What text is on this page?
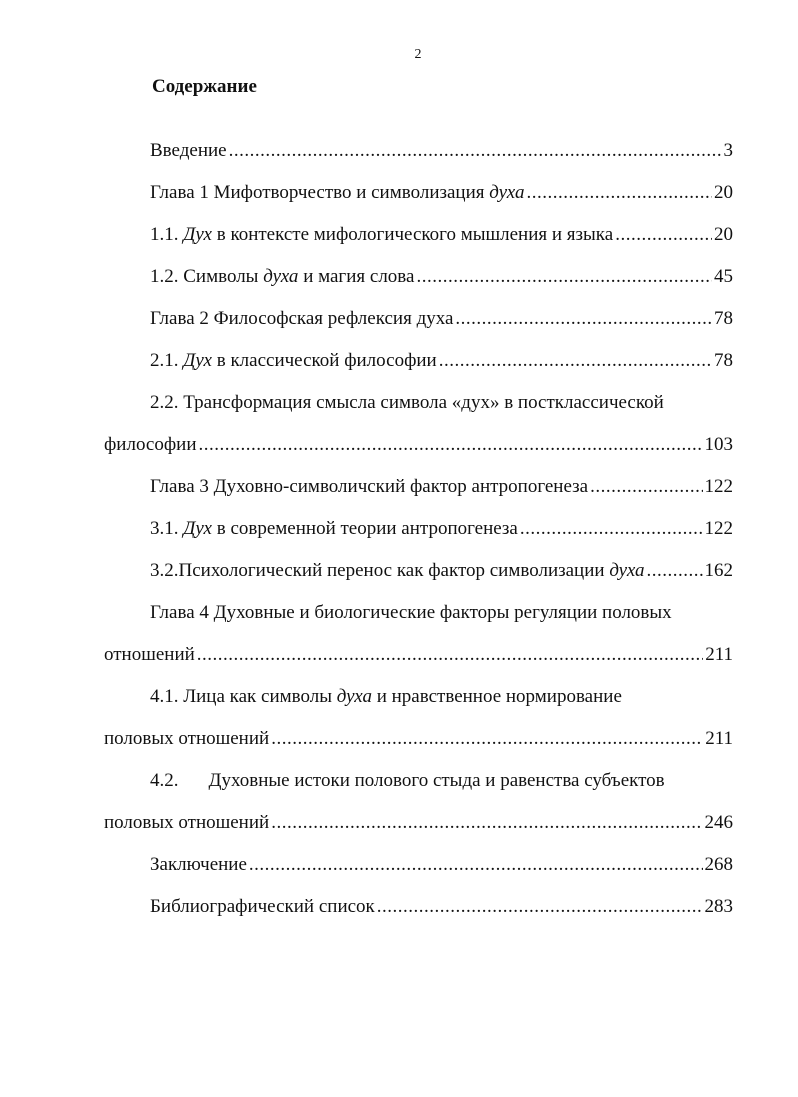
2
Содержание
Введение .....	3
Глава 1 Мифотворчество и символизация духа .....	20
1.1. Дух в контексте мифологического мышления и языка .....	20
1.2. Символы духа и магия слова .....	45
Глава 2 Философская рефлексия духа .....	78
2.1. Дух в классической философии .....	78
2.2. Трансформация смысла символа «дух» в постклассической
философии .....	103
Глава 3 Духовно-символичский фактор антропогенеза .....	122
3.1. Дух в современной теории антропогенеза .....	122
3.2.Психологический перенос как фактор символизации духа .....	162
Глава 4 Духовные и биологические факторы регуляции половых
отношений .....	211
4.1. Лица как символы духа и нравственное нормирование
половых отношений .....	211
4.2. Духовные истоки полового стыда и равенства субъектов
половых отношений .....	246
Заключение .....	268
Библиографический список .....	283
